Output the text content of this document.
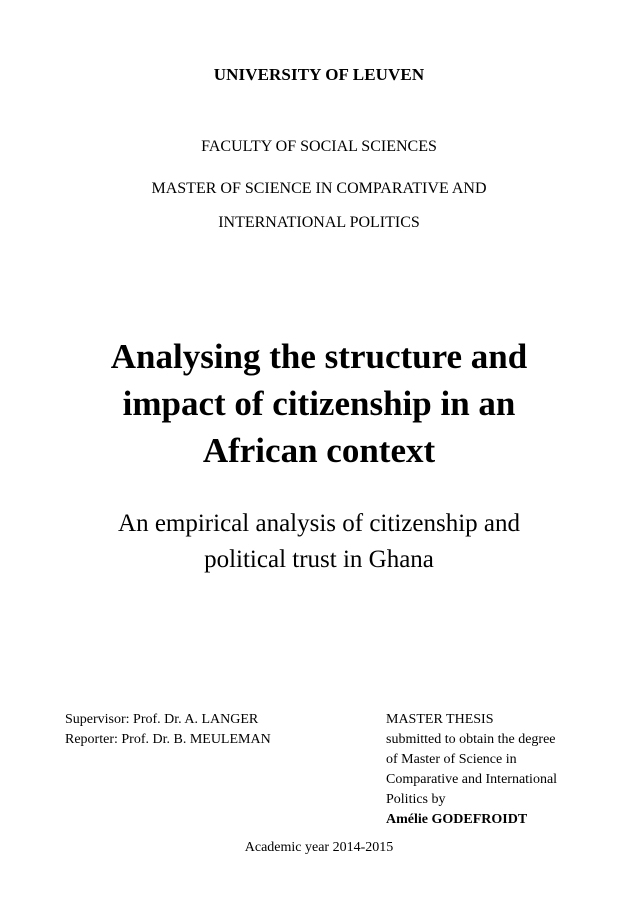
UNIVERSITY OF LEUVEN
FACULTY OF SOCIAL SCIENCES
MASTER OF SCIENCE IN COMPARATIVE AND
INTERNATIONAL POLITICS
Analysing the structure and
impact of citizenship in an
African context
An empirical analysis of citizenship and
political trust in Ghana
Supervisor: Prof. Dr. A. LANGER
Reporter: Prof. Dr. B. MEULEMAN
MASTER THESIS
submitted to obtain the degree
of Master of Science in
Comparative and International
Politics by
Amélie GODEFROIDT
Academic year 2014-2015
